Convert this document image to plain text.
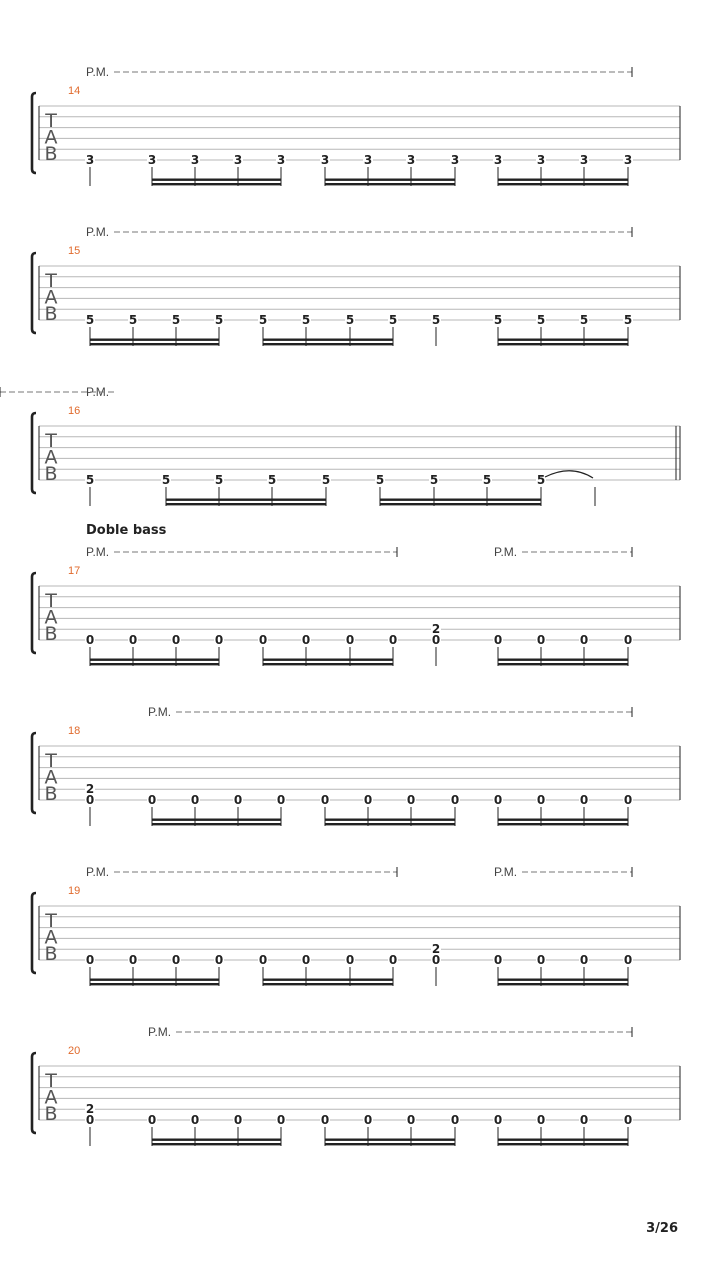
T
A
B
14
P.M.
3	3	3	3	3	3	3	3	3	3	3	3	3
T
A
B
15
P.M.
5	5	5	5	5	5	5	5	5	5	5	5	5
T
A
B
16
P.M.
5	5	5	5	5	5	5	5	5
T
A
B
17
Doble bass
P.M.	P.M.
0	0	0	0	0	0	0	0	0
2
0	0	0	0
T
A
B
18
P.M.
0
2
0	0	0	0	0	0	0	0	0	0	0	0
T
A
B
19
P.M.	P.M.
0	0	0	0	0	0	0	0	0
2
0	0	0	0
T
A
B
20
P.M.
0
2
0	0	0	0	0	0	0	0	0	0	0	0
3/26
